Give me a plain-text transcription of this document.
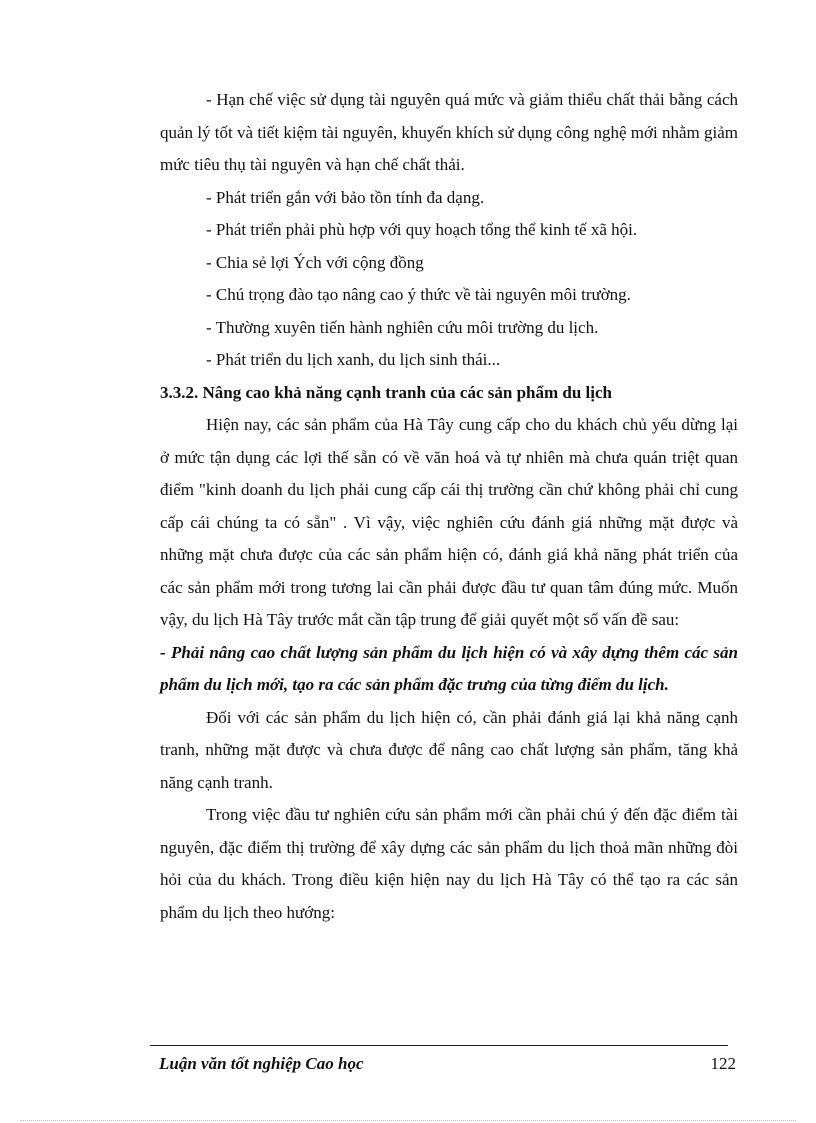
- Hạn chế việc sử dụng tài nguyên quá mức và giảm thiểu chất thải bằng cách quản lý tốt và tiết kiệm tài nguyên, khuyến khích sử dụng công nghệ mới nhằm giảm mức tiêu thụ tài nguyên và hạn chế chất thải.

- Phát triển gắn với bảo tồn tính đa dạng.

- Phát triển phải phù hợp với quy hoạch tổng thể kinh tế xã hội.

- Chia sẻ lợi Ých với cộng đồng

- Chú trọng đào tạo nâng cao ý thức về tài nguyên môi trường.

- Thường xuyên tiến hành nghiên cứu môi trường du lịch.

- Phát triển du lịch xanh, du lịch sinh thái...

3.3.2. Nâng cao khả năng cạnh tranh của các sản phẩm du lịch

Hiện nay, các sản phẩm của Hà Tây cung cấp cho du khách chủ yếu dừng lại ở mức tận dụng các lợi thế sẵn có về văn hoá và tự nhiên mà chưa quán triệt quan điểm "kinh doanh du lịch phải cung cấp cái thị trường cần chứ không phải chỉ cung cấp cái chúng ta có sẵn" . Vì vậy, việc nghiên cứu đánh giá những mặt được và những mặt chưa được của các sản phẩm hiện có, đánh giá khả năng phát triển của các sản phẩm mới trong tương lai cần phải được đầu tư quan tâm đúng mức. Muốn vậy, du lịch Hà Tây trước mắt cần tập trung để giải quyết một số vấn đề sau:

- Phải nâng cao chất lượng sản phẩm du lịch hiện có và xây dựng thêm các sản phẩm du lịch mới, tạo ra các sản phẩm đặc trưng của từng điểm du lịch.

Đối với các sản phẩm du lịch hiện có, cần phải đánh giá lại khả năng cạnh tranh, những mặt được và chưa được để nâng cao chất lượng sản phẩm, tăng khả năng cạnh tranh.

Trong việc đầu tư nghiên cứu sản phẩm mới cần phải chú ý đến đặc điểm tài nguyên, đặc điểm thị trường để xây dựng các sản phẩm du lịch thoả mãn những đòi hỏi của du khách. Trong điều kiện hiện nay du lịch Hà Tây có thể tạo ra các sản phẩm du lịch theo hướng:

Luận văn tốt nghiệp Cao học	122
